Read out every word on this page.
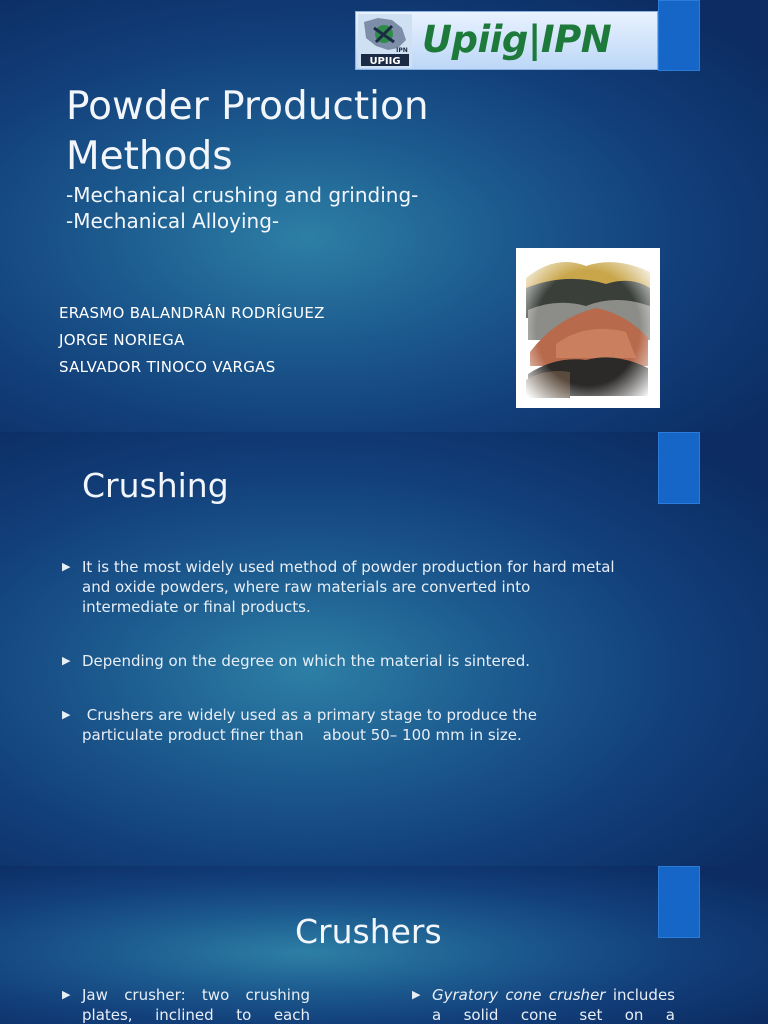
UPIIG
IPN Upiig|IPN
Powder Production Methods
-Mechanical crushing and grinding-
-Mechanical Alloying-
ERASMO BALANDRÁN RODRÍGUEZ
JORGE NORIEGA
SALVADOR TINOCO VARGAS
Crushing
▶ It is the most widely used method of powder production for hard metal and oxide powders, where raw materials are converted into intermediate or final products.
▶ Depending on the degree on which the material is sintered.
▶ Crushers are widely used as a primary stage to produce the particulate product finer than    about 50– 100 mm in size.
Crushers
▶ Jaw crusher: two crushing plates, inclined to each
▶ Gyratory cone crusher includes a solid cone set on a
